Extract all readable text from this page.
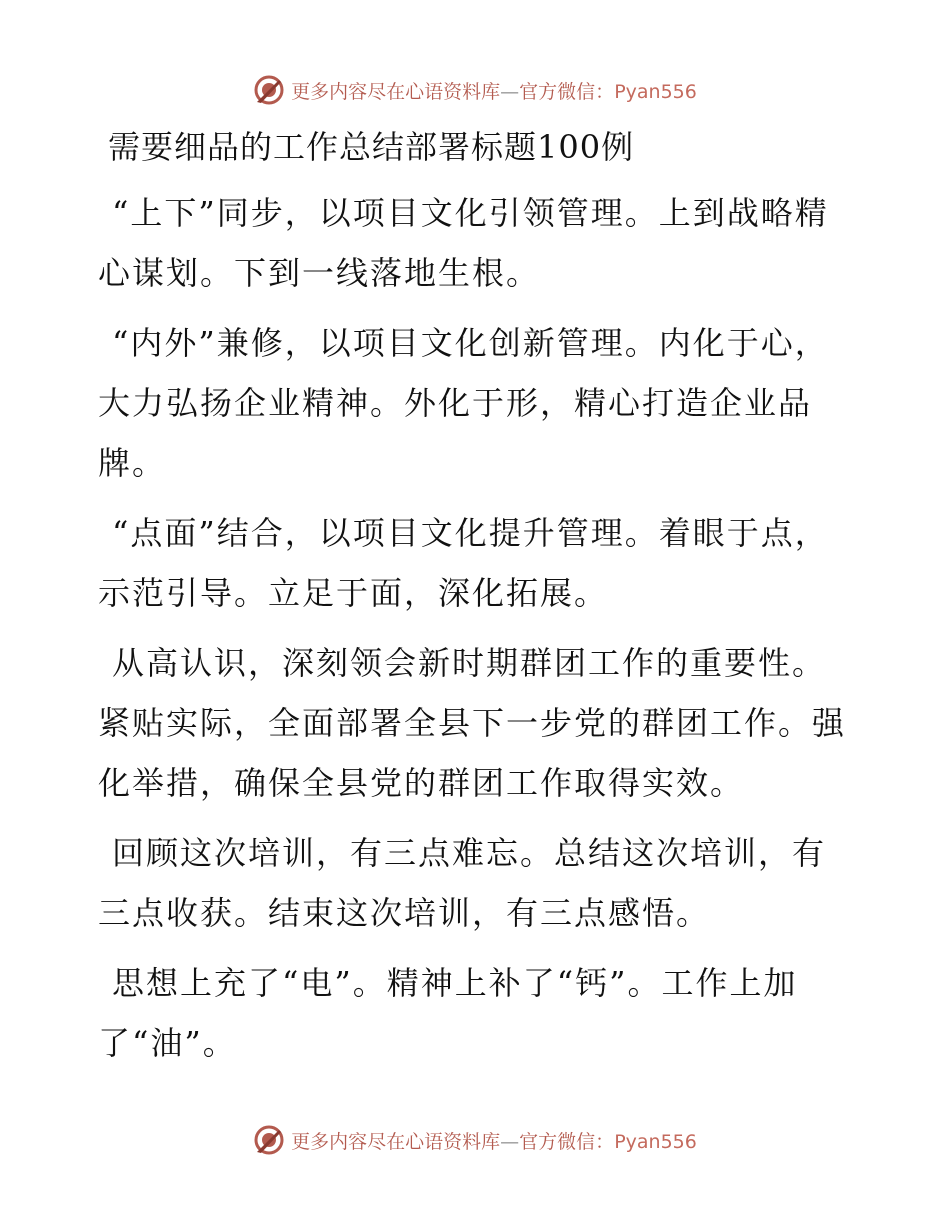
更多内容尽在心语资料库—官方微信：Pyan556
需要细品的工作总结部署标题100例

“上下”同步，以项目文化引领管理。上到战略精心谋划。下到一线落地生根。

“内外”兼修，以项目文化创新管理。内化于心，大力弘扬企业精神。外化于形，精心打造企业品牌。

“点面”结合，以项目文化提升管理。着眼于点，示范引导。立足于面，深化拓展。

从高认识，深刻领会新时期群团工作的重要性。紧贴实际，全面部署全县下一步党的群团工作。强化举措，确保全县党的群团工作取得实效。

回顾这次培训，有三点难忘。总结这次培训，有三点收获。结束这次培训，有三点感悟。

思想上充了“电”。精神上补了“钙”。工作上加了“油”。

更多内容尽在心语资料库—官方微信：Pyan556
